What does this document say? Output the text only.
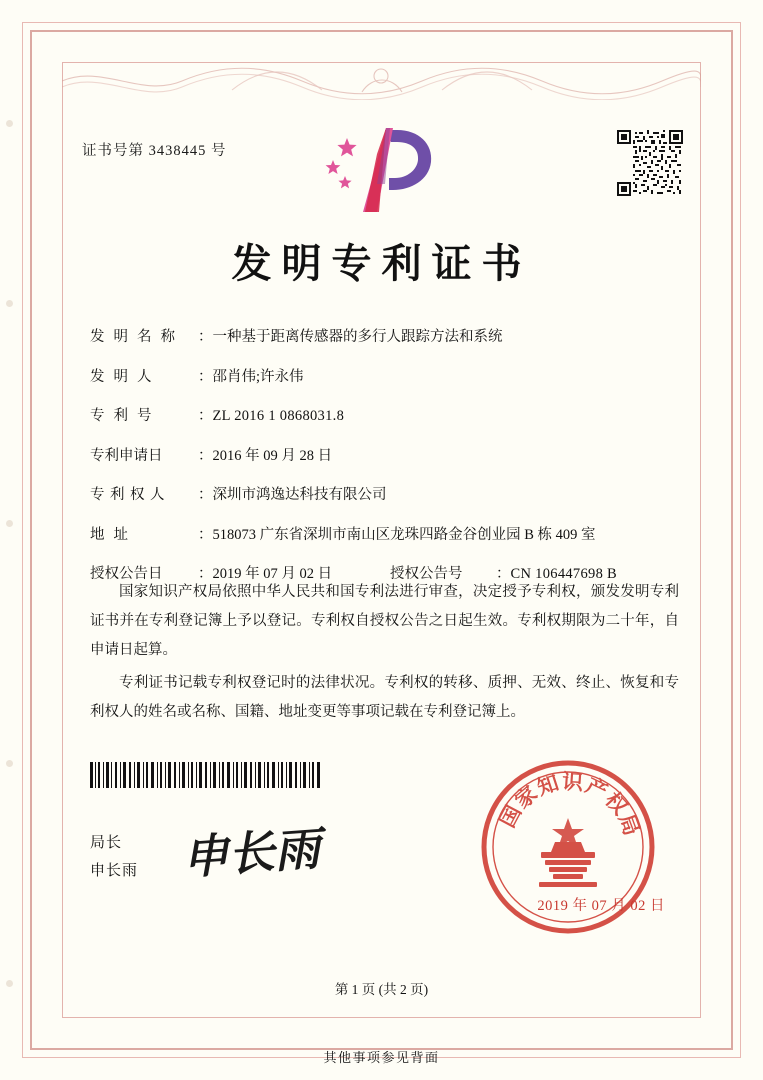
证书号第 3438445 号
发明专利证书
发明名称 ： 一种基于距离传感器的多行人跟踪方法和系统
发明人	： 邵肖伟;许永伟
专利号	： ZL 2016 1 0868031.8
专利申请日	： 2016 年 09 月 28 日
专利权人	： 深圳市鸿逸达科技有限公司
地址	： 518073 广东省深圳市南山区龙珠四路金谷创业园 B 栋 409 室
授权公告日	： 2019 年 07 月 02 日	授权公告号	： CN 106447698 B

国家知识产权局依照中华人民共和国专利法进行审查，决定授予专利权，颁发发明专利证书并在专利登记簿上予以登记。专利权自授权公告之日起生效。专利权期限为二十年，自申请日起算。

专利证书记载专利权登记时的法律状况。专利权的转移、质押、无效、终止、恢复和专利权人的姓名或名称、国籍、地址变更等事项记载在专利登记簿上。

局长
申长雨 申长雨
国
家
知 识
产
权
局
2019 年 07 月 02 日
第 1 页 (共 2 页)
其他事项参见背面
